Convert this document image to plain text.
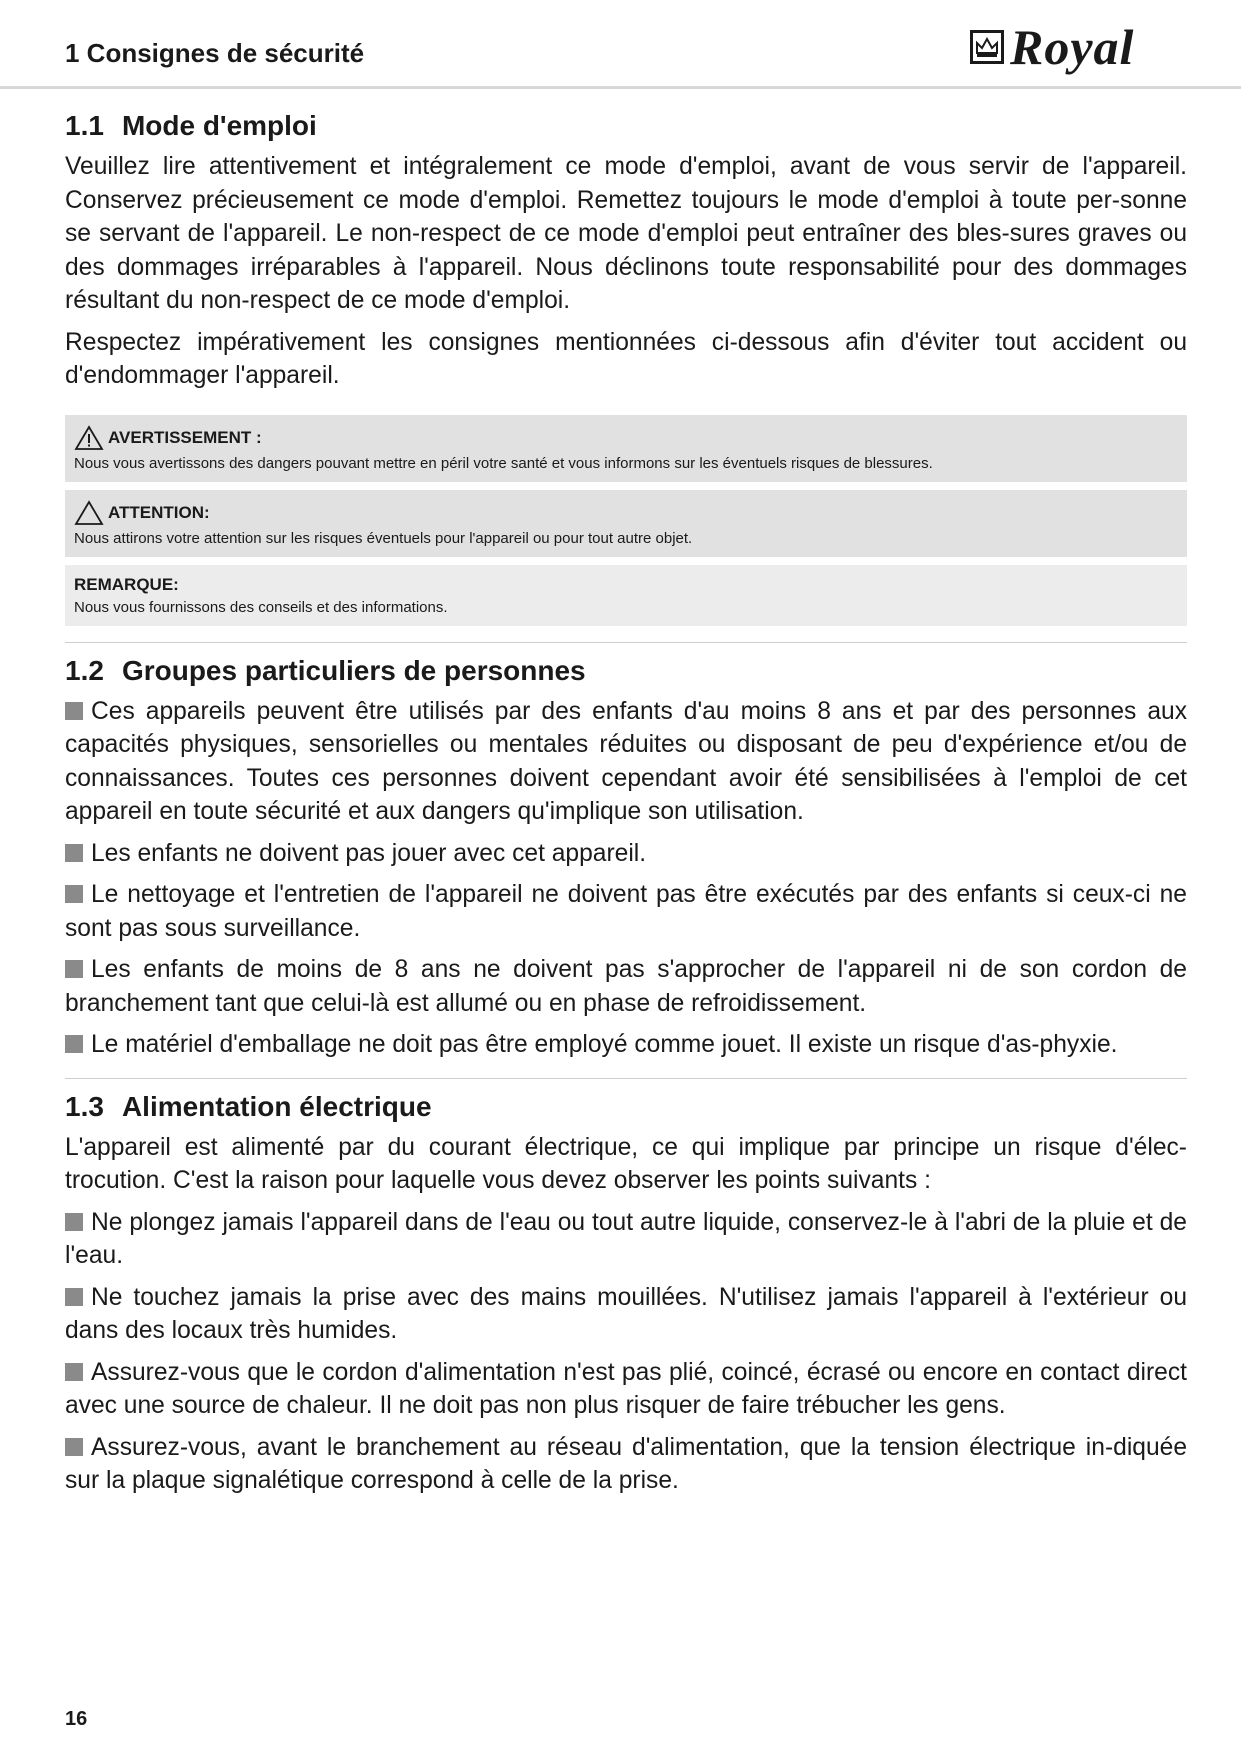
1 Consignes de sécurité	Royal
1.1 Mode d'emploi

Veuillez lire attentivement et intégralement ce mode d'emploi, avant de vous servir de l'appareil. Conservez précieusement ce mode d'emploi. Remettez toujours le mode d'emploi à toute per-sonne se servant de l'appareil. Le non-respect de ce mode d'emploi peut entraîner des bles-sures graves ou des dommages irréparables à l'appareil. Nous déclinons toute responsabilité pour des dommages résultant du non-respect de ce mode d'emploi.

Respectez impérativement les consignes mentionnées ci-dessous afin d'éviter tout accident ou d'endommager l'appareil.

AVERTISSEMENT :
Nous vous avertissons des dangers pouvant mettre en péril votre santé et vous informons sur les éventuels risques de blessures.
ATTENTION:
Nous attirons votre attention sur les risques éventuels pour l'appareil ou pour tout autre objet.
REMARQUE:
Nous vous fournissons des conseils et des informations.
1.2 Groupes particuliers de personnes

Ces appareils peuvent être utilisés par des enfants d'au moins 8 ans et par des personnes aux capacités physiques, sensorielles ou mentales réduites ou disposant de peu d'expérience et/ou de connaissances. Toutes ces personnes doivent cependant avoir été sensibilisées à l'emploi de cet appareil en toute sécurité et aux dangers qu'implique son utilisation.

Les enfants ne doivent pas jouer avec cet appareil.

Le nettoyage et l'entretien de l'appareil ne doivent pas être exécutés par des enfants si ceux-ci ne sont pas sous surveillance.

Les enfants de moins de 8 ans ne doivent pas s'approcher de l'appareil ni de son cordon de branchement tant que celui-là est allumé ou en phase de refroidissement.

Le matériel d'emballage ne doit pas être employé comme jouet. Il existe un risque d'as-phyxie.

1.3 Alimentation électrique

L'appareil est alimenté par du courant électrique, ce qui implique par principe un risque d'élec-trocution. C'est la raison pour laquelle vous devez observer les points suivants :

Ne plongez jamais l'appareil dans de l'eau ou tout autre liquide, conservez-le à l'abri de la pluie et de l'eau.

Ne touchez jamais la prise avec des mains mouillées. N'utilisez jamais l'appareil à l'extérieur ou dans des locaux très humides.

Assurez-vous que le cordon d'alimentation n'est pas plié, coincé, écrasé ou encore en contact direct avec une source de chaleur. Il ne doit pas non plus risquer de faire trébucher les gens.

Assurez-vous, avant le branchement au réseau d'alimentation, que la tension électrique in-diquée sur la plaque signalétique correspond à celle de la prise.

16
